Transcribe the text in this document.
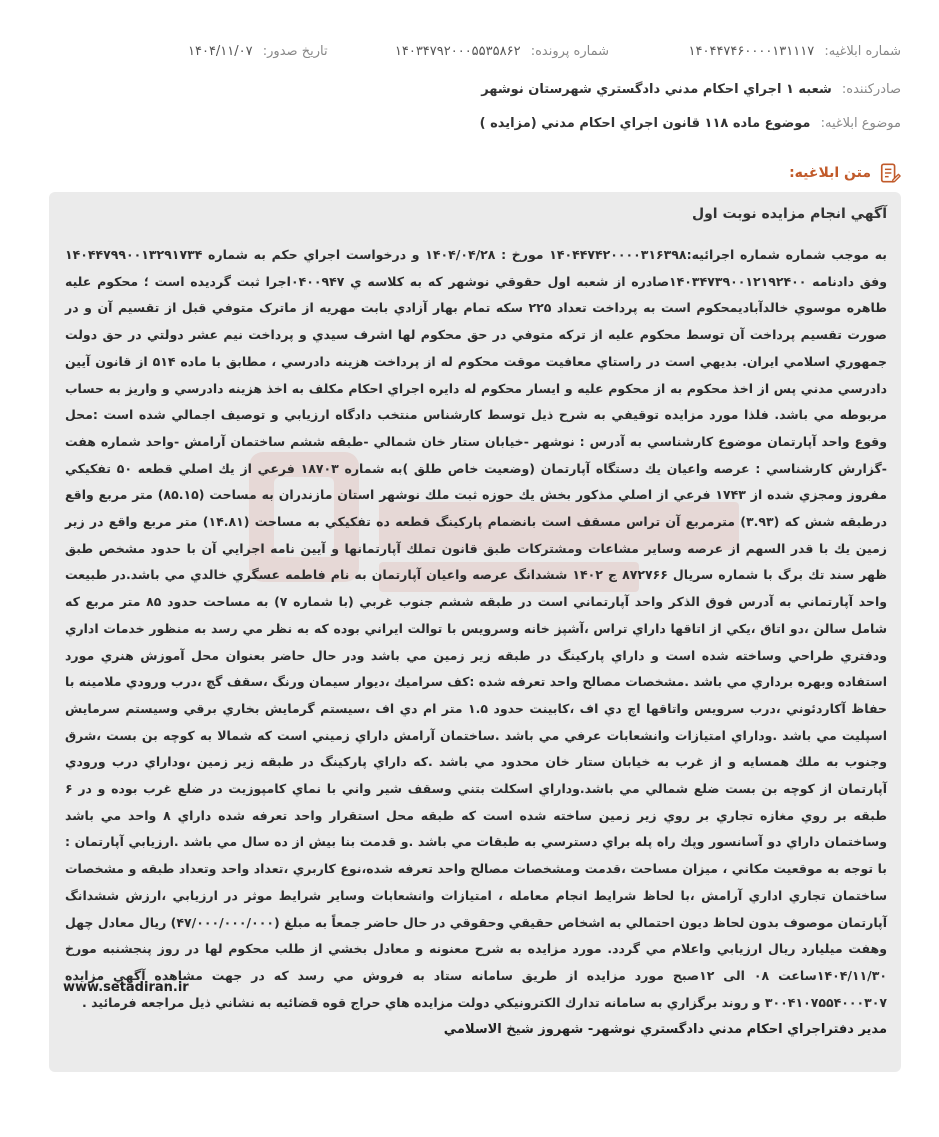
شماره ابلاغيه: ۱۴۰۴۴۷۴۶۰۰۰۰۱۳۱۱۱۷
شماره پرونده: ۱۴۰۳۴۷۹۲۰۰۰۵۵۳۵۸۶۲
تاريخ صدور: ۱۴۰۴/۱۱/۰۷
صادرکننده: شعبه ۱ اجراي احکام مدني دادگستري شهرستان نوشهر
موضوع ابلاغيه: موضوع ماده ۱۱۸ قانون اجراي احکام مدني (مزايده )
متن ابلاغيه:
آگهي انجام مزايده نوبت اول

به موجب شماره شماره اجرائيه:۱۴۰۴۴۷۴۲۰۰۰۰۳۱۶۳۹۸ مورخ : ۱۴۰۴/۰۴/۲۸ و درخواست اجراي حکم به شماره ۱۴۰۴۴۷۹۹۰۰۱۳۲۹۱۷۳۴ وفق دادنامه ۱۴۰۳۴۷۳۹۰۰۱۲۱۹۲۴۰۰صادره از شعبه اول حقوقي نوشهر که به کلاسه ي ۰۴۰۰۹۴۷اجرا ثبت گرديده است ؛ محکوم عليه طاهره موسوي خالدآباديمحکوم است به پرداخت تعداد ۲۲۵ سکه تمام بهار آزادي بابت مهريه از ماترک متوفي قبل از تقسيم آن و در صورت تقسيم پرداخت آن توسط محکوم عليه از ترکه متوفي در حق محکوم لها اشرف سيدي و پرداخت نيم عشر دولتي در حق دولت جمهوري اسلامي ايران. بديهي است در راستاي معافيت موقت محکوم له از پرداخت هزينه دادرسي ، مطابق با ماده ۵۱۴ از قانون آيين دادرسي مدني پس از اخذ محکوم به از محکوم عليه و ايسار محکوم له دايره اجراي احکام مکلف به اخذ هزينه دادرسي و واريز به حساب مربوطه مي باشد. فلذا مورد مزايده توقيفي به شرح ذيل توسط کارشناس منتخب دادگاه ارزيابي و توصيف اجمالي شده است :محل وقوع واحد آپارتمان موضوع کارشناسي به آدرس : نوشهر -خيابان ستار خان شمالي -طبقه ششم ساختمان آرامش -واحد شماره هفت -گزارش کارشناسي : عرصه واعيان يك دستگاه آپارتمان (وضعيت خاص طلق )به شماره ۱۸۷۰۳ فرعي از يك اصلي قطعه ۵۰ تفکيکي مفروز ومجزي شده از ۱۷۴۳ فرعي از اصلي مذکور بخش يك حوزه ثبت ملك نوشهر استان مازندران به مساحت (۸۵.۱۵) متر مربع واقع درطبقه شش که (۳.۹۳) مترمربع آن تراس مسقف است بانضمام پارکينگ قطعه ده تفکيکي به مساحت (۱۴.۸۱) متر مربع واقع در زير زمين يك با قدر السهم از عرصه وساير مشاعات ومشترکات طبق قانون تملك آپارتمانها و آيين نامه اجرايي آن با حدود مشخص طبق ظهر سند تك برگ با شماره سريال ۸۷۲۷۶۶ ج ۱۴۰۲ ششدانگ عرصه واعيان آپارتمان به نام فاطمه عسگري خالدي مي باشد.در طبيعت واحد آپارتماني به آدرس فوق الذکر واحد آپارتماني است در طبقه ششم جنوب غربي (با شماره ۷) به مساحت حدود ۸۵ متر مربع که شامل سالن ،دو اتاق ،يکي از اتاقها داراي تراس ،آشپز خانه وسرويس با توالت ايراني بوده که به نظر مي رسد به منظور خدمات اداري ودفتري طراحي وساخته شده است و داراي پارکينگ در طبقه زير زمين مي باشد ودر حال حاضر بعنوان محل آموزش هنري مورد استفاده وبهره برداري مي باشد .مشخصات مصالح واحد تعرفه شده :کف سراميك ،ديوار سيمان ورنگ ،سقف گچ ،درب ورودي ملامينه با حفاظ آکاردئوني ،درب سرويس واتاقها اچ دي اف ،کابينت حدود ۱.۵ متر ام دي اف ،سيستم گرمايش بخاري برقي وسيستم سرمايش اسپليت مي باشد .وداراي امتيازات وانشعابات عرفي مي باشد .ساختمان آرامش داراي زميني است که شمالا به کوچه بن بست ،شرق وجنوب به ملك همسايه و از غرب به خيابان ستار خان محدود مي باشد .که داراي پارکينگ در طبقه زير زمين ،وداراي درب ورودي آپارتمان از کوچه بن بست ضلع شمالي مي باشد.وداراي اسکلت بتني وسقف شير واني با نماي کامپوزيت در ضلع غرب بوده و در ۶ طبقه بر روي مغازه تجاري بر روي زير زمين ساخته شده است که طبقه محل استقرار واحد تعرفه شده داراي ۸ واحد مي باشد وساختمان داراي دو آسانسور وپك راه پله براي دسترسي به طبقات مي باشد .و قدمت بنا بيش از ده سال مي باشد .ارزيابي آپارتمان : با توجه به موقعيت مکاني ، ميزان مساحت ،قدمت ومشخصات مصالح واحد تعرفه شده،نوع کاربري ،تعداد واحد وتعداد طبقه و مشخصات ساختمان تجاري اداري آرامش ،با لحاظ شرايط انجام معامله ، امتيازات وانشعابات وساير شرايط موثر در ارزيابي ،ارزش ششدانگ آپارتمان موصوف بدون لحاظ ديون احتمالي به اشخاص حقيقي وحقوقي در حال حاضر جمعاً به مبلغ (۴۷/۰۰۰/۰۰۰/۰۰۰) ريال معادل چهل وهفت ميليارد ريال ارزيابي واعلام مي گردد. مورد مزايده به شرح معنونه و معادل بخشي از طلب محکوم لها در روز پنجشنبه مورخ ۱۴۰۴/۱۱/۳۰ساعت ۰۸ الی ۱۲صبح مورد مزايده از طريق سامانه ستاد به فروش مي رسد که در جهت مشاهده آگهي مزايده ۳۰۰۴۱۰۷۵۵۴۰۰۰۳۰۷ و روند برگزاري به سامانه تدارك الکترونيکي دولت مزايده هاي حراج قوه قضائيه به نشاني ذيل مراجعه فرمائيد .

www.setadiran.ir
مدير دفتراجراي احکام مدني دادگستري نوشهر- شهروز شيخ الاسلامي
